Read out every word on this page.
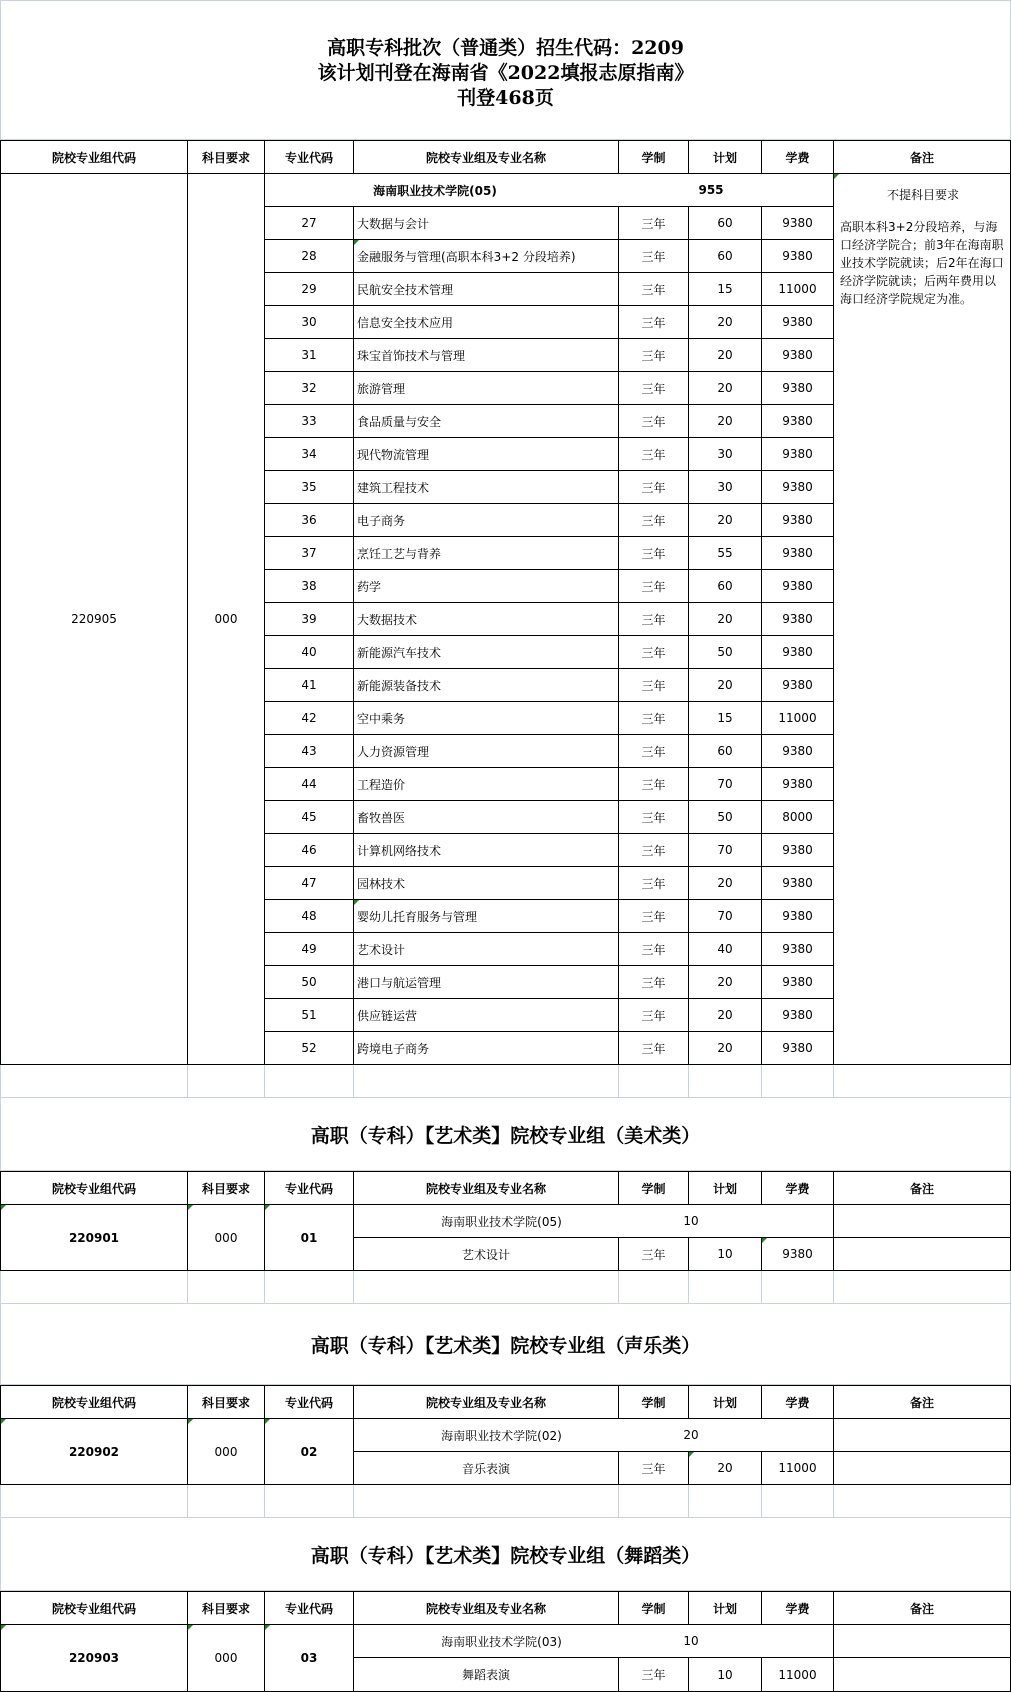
高职专科批次（普通类）招生代码：2209
该计划刊登在海南省《2022填报志原指南》
刊登468页							

院校专业组代码	科目要求	专业代码	院校专业组及专业名称	学制	计划	学费	备注
220905	000	海南职业技术学院(05)		955			不提科目要求
高职本科3+2分段培养，与海口经济学院合；前3年在海南职业技术学院就读；后2年在海口经济学院就读；后两年费用以海口经济学院规定为准。
		27	大数据与会计	三年	60	9380	
		28	金融服务与管理(高职本科3+2 分段培养)	三年	60	9380	
		29	民航安全技术管理	三年	15	11000	
		30	信息安全技术应用	三年	20	9380	
		31	珠宝首饰技术与管理	三年	20	9380	
		32	旅游管理	三年	20	9380	
		33	食品质量与安全	三年	20	9380	
		34	现代物流管理	三年	30	9380	
		35	建筑工程技术	三年	30	9380	
		36	电子商务	三年	20	9380	
		37	烹饪工艺与背养	三年	55	9380	
		38	药学	三年	60	9380	
		39	大数据技术	三年	20	9380	
		40	新能源汽车技术	三年	50	9380	
		41	新能源装备技术	三年	20	9380	
		42	空中乘务	三年	15	11000	
		43	人力资源管理	三年	60	9380	
		44	工程造价	三年	70	9380	
		45	畜牧兽医	三年	50	8000	
		46	计算机网络技术	三年	70	9380	
		47	园林技术	三年	20	9380	
		48	婴幼儿托育服务与管理	三年	70	9380	
		49	艺术设计	三年	40	9380	
		50	港口与航运管理	三年	20	9380	
		51	供应链运营	三年	20	9380	
		52	跨境电子商务	三年	20	9380	

高职（专科）【艺术类】院校专业组（美术类）							
院校专业组代码	科目要求	专业代码	院校专业组及专业名称	学制	计划	学费	备注
220901	000	01	海南职业技术学院(05)	10			
			艺术设计	三年	10	9380	

高职（专科）【艺术类】院校专业组（声乐类）							
院校专业组代码	科目要求	专业代码	院校专业组及专业名称	学制	计划	学费	备注
220902	000	02	海南职业技术学院(02)	20			
			音乐表演	三年	20	11000	

高职（专科）【艺术类】院校专业组（舞蹈类）							
院校专业组代码	科目要求	专业代码	院校专业组及专业名称	学制	计划	学费	备注
220903	000	03	海南职业技术学院(03)	10			
			舞蹈表演	三年	10	11000	
